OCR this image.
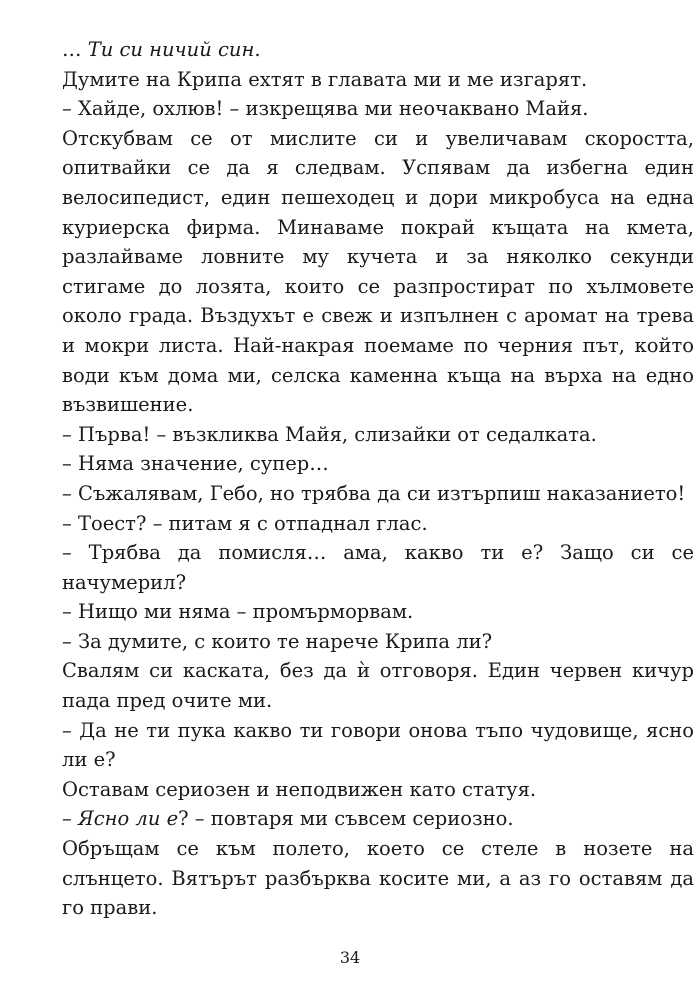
… Ти си ничий син.

Думите на Крипа ехтят в главата ми и ме изгарят.

– Хайде, охлюв! – изкрещява ми неочаквано Майя.

Отскубвам се от мислите си и увеличавам скоростта, опитвайки се да я следвам. Успявам да избегна един велосипедист, един пешеходец и дори микробуса на една куриерска фирма. Минаваме покрай къщата на кмета, разлайваме ловните му кучета и за няколко секунди стигаме до лозята, които се разпростират по хълмовете около града. Въздухът е свеж и изпълнен с аромат на трева и мокри листа. Най-накрая поемаме по черния път, който води към дома ми, селска каменна къща на върха на едно възвишение.

– Първа! – възкликва Майя, слизайки от седалката.

– Няма значение, супер…

– Съжалявам, Гебо, но трябва да си изтърпиш наказанието!

– Тоест? – питам я с отпаднал глас.

– Трябва да помисля… ама, какво ти е? Защо си се начумерил?

– Нищо ми няма – промърморвам.

– За думите, с които те нарече Крипа ли?

Свалям си каската, без да ѝ отговоря. Един червен кичур пада пред очите ми.

– Да не ти пука какво ти говори онова тъпо чудовище, ясно ли е?

Оставам сериозен и неподвижен като статуя.

– Ясно ли е? – повтаря ми съвсем сериозно.

Обръщам се към полето, което се стеле в нозете на слънцето. Вятърът разбърква косите ми, а аз го оставям да го прави.

34
